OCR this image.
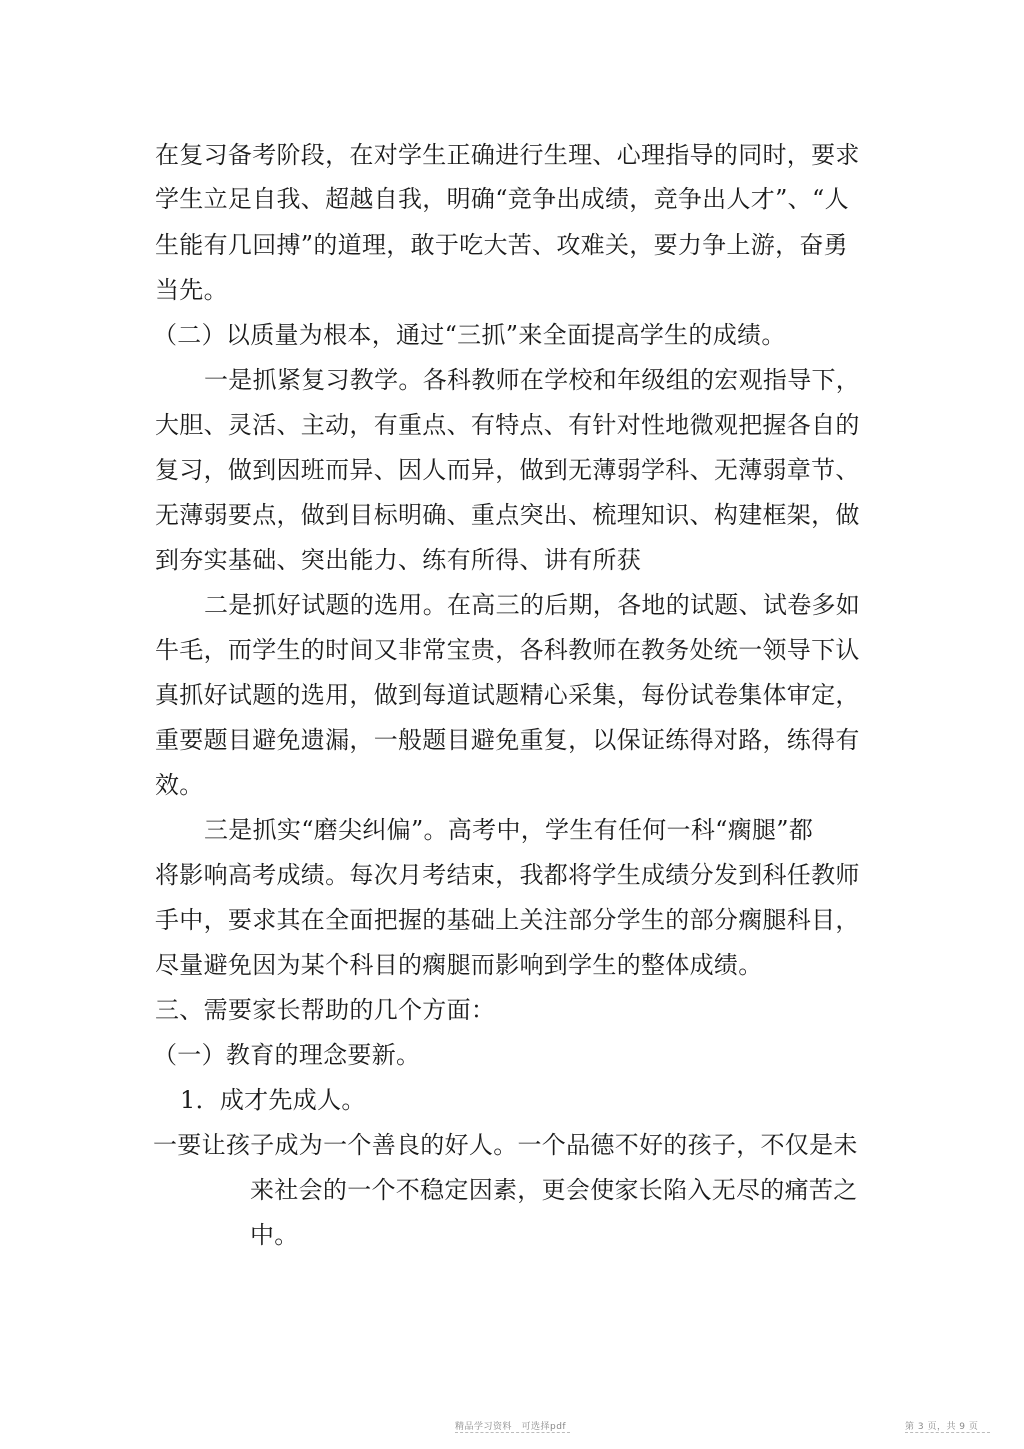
在复习备考阶段，在对学生正确进行生理、心理指导的同时，要求
学生立足自我、超越自我，明确“竞争出成绩，竞争出人才”、 “人
生能有几回搏”的道理，敢于吃大苦、攻难关，要力争上游，奋勇
当先。
（二）以质量为根本，通过“三抓”来全面提高学生的成绩。
一是抓紧复习教学。各科教师在学校和年级组的宏观指导下，
大胆、灵活、主动，有重点、有特点、有针对性地微观把握各自的
复习，做到因班而异、因人而异，做到无薄弱学科、无薄弱章节、
无薄弱要点，做到目标明确、重点突出、梳理知识、构建框架，做
到夯实基础、突出能力、练有所得、讲有所获
二是抓好试题的选用。在高三的后期，各地的试题、试卷多如
牛毛，而学生的时间又非常宝贵，各科教师在教务处统一领导下认
真抓好试题的选用，做到每道试题精心采集，每份试卷集体审定，
重要题目避免遗漏，一般题目避免重复，以保证练得对路，练得有
效。
三是抓实“磨尖纠偏”。高考中，学生有任何一科“瘸腿”都
将影响高考成绩。每次月考结束，我都将学生成绩分发到科任教师
手中，要求其在全面把握的基础上关注部分学生的部分瘸腿科目，
尽量避免因为某个科目的瘸腿而影响到学生的整体成绩。
三、需要家长帮助的几个方面：
（一）教育的理念要新。
1．成才先成人。
一要让孩子成为一个善良的好人。一个品德不好的孩子，不仅是未
来社会的一个不稳定因素，更会使家长陷入无尽的痛苦之
中。
精品学习资料　可选择pdf	第 3 页，共 9 页
